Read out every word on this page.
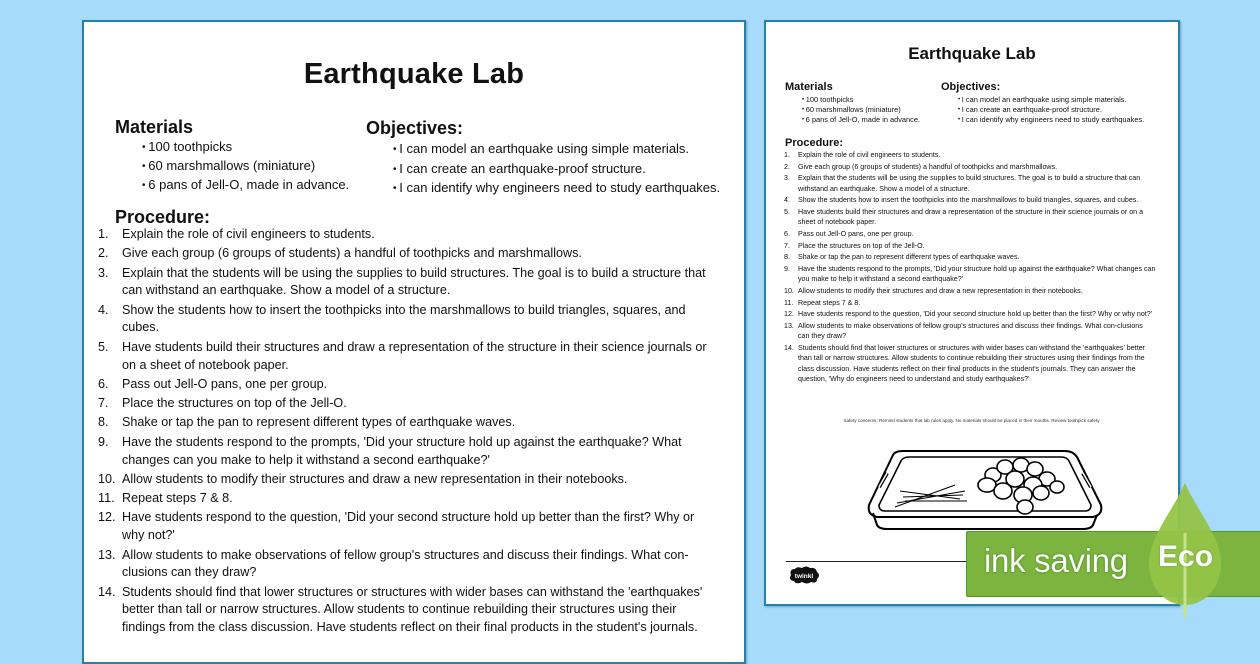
Earthquake Lab
Materials
• 100 toothpicks
• 60 marshmallows (miniature)
• 6 pans of Jell-O, made in advance.
Objectives:
• I can model an earthquake using simple materials.
• I can create an earthquake-proof structure.
• I can identify why engineers need to study earthquakes.
Procedure:
1. Explain the role of civil engineers to students.
2. Give each group (6 groups of students) a handful of toothpicks and marshmallows.
3. Explain that the students will be using the supplies to build structures. The goal is to build a structure that can withstand an earthquake. Show a model of a structure.
4. Show the students how to insert the toothpicks into the marshmallows to build triangles, squares, and cubes.
5. Have students build their structures and draw a representation of the structure in their science journals or on a sheet of notebook paper.
6. Pass out Jell-O pans, one per group.
7. Place the structures on top of the Jell-O.
8. Shake or tap the pan to represent different types of earthquake waves.
9. Have the students respond to the prompts, 'Did your structure hold up against the earthquake? What changes can you make to help it withstand a second earthquake?'
10. Allow students to modify their structures and draw a new representation in their notebooks.
11. Repeat steps 7 & 8.
12. Have students respond to the question, 'Did your second structure hold up better than the first? Why or why not?'
13. Allow students to make observations of fellow group's structures and discuss their findings. What con-clusions can they draw?
14. Students should find that lower structures or structures with wider bases can withstand the 'earthquakes' better than tall or narrow structures. Allow students to continue rebuilding their structures using their findings from the class discussion. Have students reflect on their final products in the student's journals.
Earthquake Lab
Materials
• 100 toothpicks
• 60 marshmallows (miniature)
• 6 pans of Jell-O, made in advance.
Objectives:
• I can model an earthquake using simple materials.
• I can create an earthquake-proof structure.
• I can identify why engineers need to study earthquakes.
Procedure:
1. Explain the role of civil engineers to students.
2. Give each group (6 groups of students) a handful of toothpicks and marshmallows.
3. Explain that the students will be using the supplies to build structures. The goal is to build a structure that can withstand an earthquake. Show a model of a structure.
4. Show the students how to insert the toothpicks into the marshmallows to build triangles, squares, and cubes.
5. Have students build their structures and draw a representation of the structure in their science journals or on a sheet of notebook paper.
6. Pass out Jell-O pans, one per group.
7. Place the structures on top of the Jell-O.
8. Shake or tap the pan to represent different types of earthquake waves.
9. Have the students respond to the prompts, 'Did your structure hold up against the earthquake? What changes can you make to help it withstand a second earthquake?'
10. Allow students to modify their structures and draw a new representation in their notebooks.
11. Repeat steps 7 & 8.
12. Have students respond to the question, 'Did your second structure hold up better than the first? Why or why not?'
13. Allow students to make observations of fellow group's structures and discuss their findings. What con-clusions can they draw?
14. Students should find that lower structures or structures with wider bases can withstand the 'earthquakes' better than tall or narrow structures. Allow students to continue rebuilding their structures using their findings from the class discussion. Have students reflect on their final products in the student's journals. They can answer the question, 'Why do engineers need to understand and study earthquakes?'
Safety concerns: Remind students that lab rules apply. No materials should be placed in their mouths. Review toothpick safety.
twinkl	ink saving Eco
